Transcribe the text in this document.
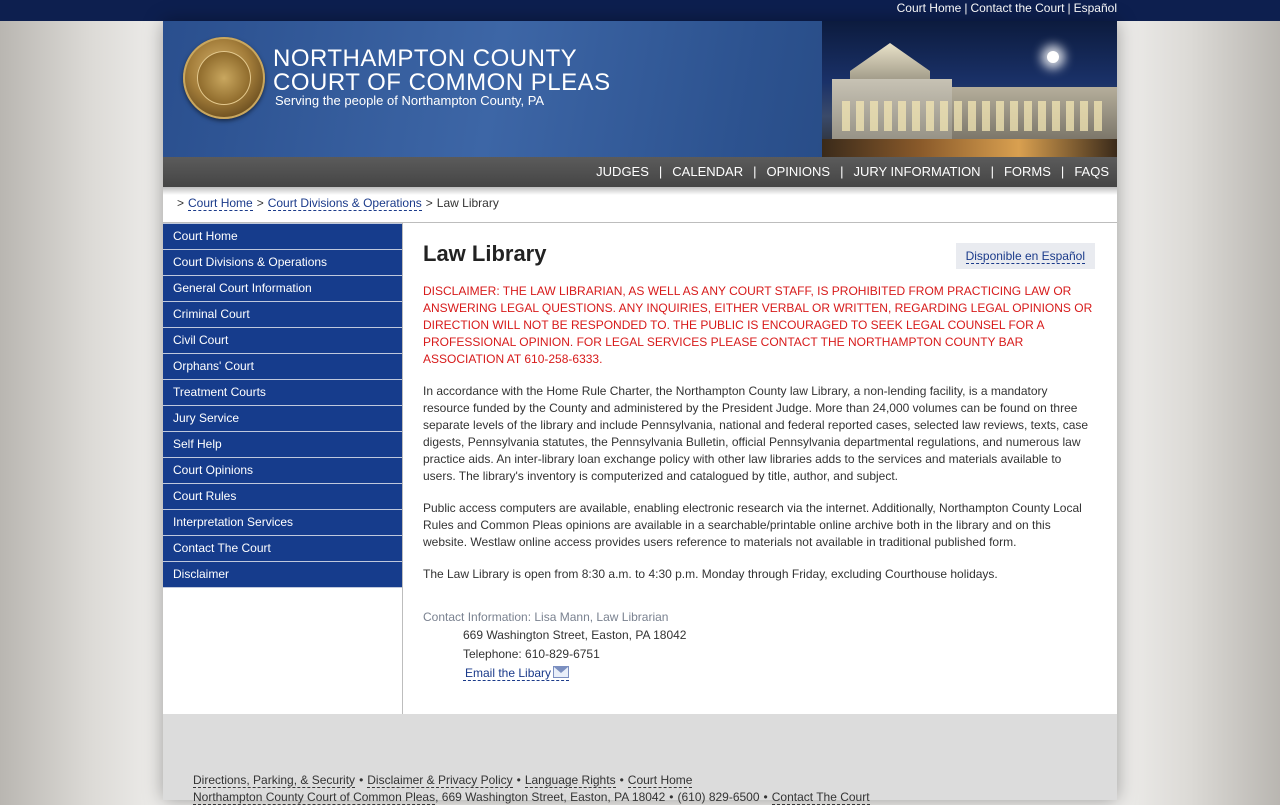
Court Home | Contact the Court | Español
NORTHAMPTON COUNTY
COURT OF COMMON PLEAS
Serving the people of Northampton County, PA
JUDGES | CALENDAR | OPINIONS | JURY INFORMATION | FORMS | FAQS
> Court Home > Court Divisions & Operations > Law Library
Court Home
Court Divisions & Operations
General Court Information
Criminal Court
Civil Court
Orphans' Court
Treatment Courts
Jury Service
Self Help
Court Opinions
Court Rules
Interpretation Services
Contact The Court
Disclaimer
Law Library	Disponible en Español
DISCLAIMER: THE LAW LIBRARIAN, AS WELL AS ANY COURT STAFF, IS PROHIBITED FROM PRACTICING LAW OR ANSWERING LEGAL QUESTIONS. ANY INQUIRIES, EITHER VERBAL OR WRITTEN, REGARDING LEGAL OPINIONS OR DIRECTION WILL NOT BE RESPONDED TO. THE PUBLIC IS ENCOURAGED TO SEEK LEGAL COUNSEL FOR A PROFESSIONAL OPINION. FOR LEGAL SERVICES PLEASE CONTACT THE NORTHAMPTON COUNTY BAR ASSOCIATION AT 610-258-6333.
In accordance with the Home Rule Charter, the Northampton County law Library, a non-lending facility, is a mandatory resource funded by the County and administered by the President Judge. More than 24,000 volumes can be found on three separate levels of the library and include Pennsylvania, national and federal reported cases, selected law reviews, texts, case digests, Pennsylvania statutes, the Pennsylvania Bulletin, official Pennsylvania departmental regulations, and numerous law practice aids. An inter-library loan exchange policy with other law libraries adds to the services and materials available to users. The library's inventory is computerized and catalogued by title, author, and subject.
Public access computers are available, enabling electronic research via the internet. Additionally, Northampton County Local Rules and Common Pleas opinions are available in a searchable/printable online archive both in the library and on this website. Westlaw online access provides users reference to materials not available in traditional published form.
The Law Library is open from 8:30 a.m. to 4:30 p.m. Monday through Friday, excluding Courthouse holidays.
Contact Information: Lisa Mann, Law Librarian
669 Washington Street, Easton, PA 18042
Telephone: 610-829-6751
Email the Libary
Directions, Parking, & Security • Disclaimer & Privacy Policy • Language Rights • Court Home
Northampton County Court of Common Pleas, 669 Washington Street, Easton, PA 18042 • (610) 829-6500 • Contact The Court
